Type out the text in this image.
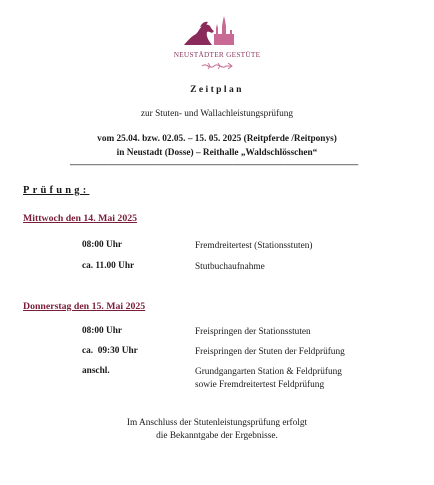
NEUSTÄDTER GESTÜTE
Zeitplan
zur Stuten- und Wallachleistungsprüfung
vom 25.04. bzw. 02.05. – 15. 05. 2025 (Reitpferde /Reitponys)
in Neustadt (Dosse) – Reithalle „Waldschlösschen“
______________________________________________________________
Prüfung:
Mittwoch den 14. Mai 2025
08:00 Uhr	Fremdreitertest (Stationsstuten)
ca. 11.00 Uhr	Stutbuchaufnahme
Donnerstag den 15. Mai 2025
08:00 Uhr	Freispringen der Stationsstuten
ca.  09:30 Uhr	Freispringen der Stuten der Feldprüfung
anschl.	Grundgangarten Station & Feldprüfung
sowie Fremdreitertest Feldprüfung
Im Anschluss der Stutenleistungsprüfung erfolgt
die Bekanntgabe der Ergebnisse.
